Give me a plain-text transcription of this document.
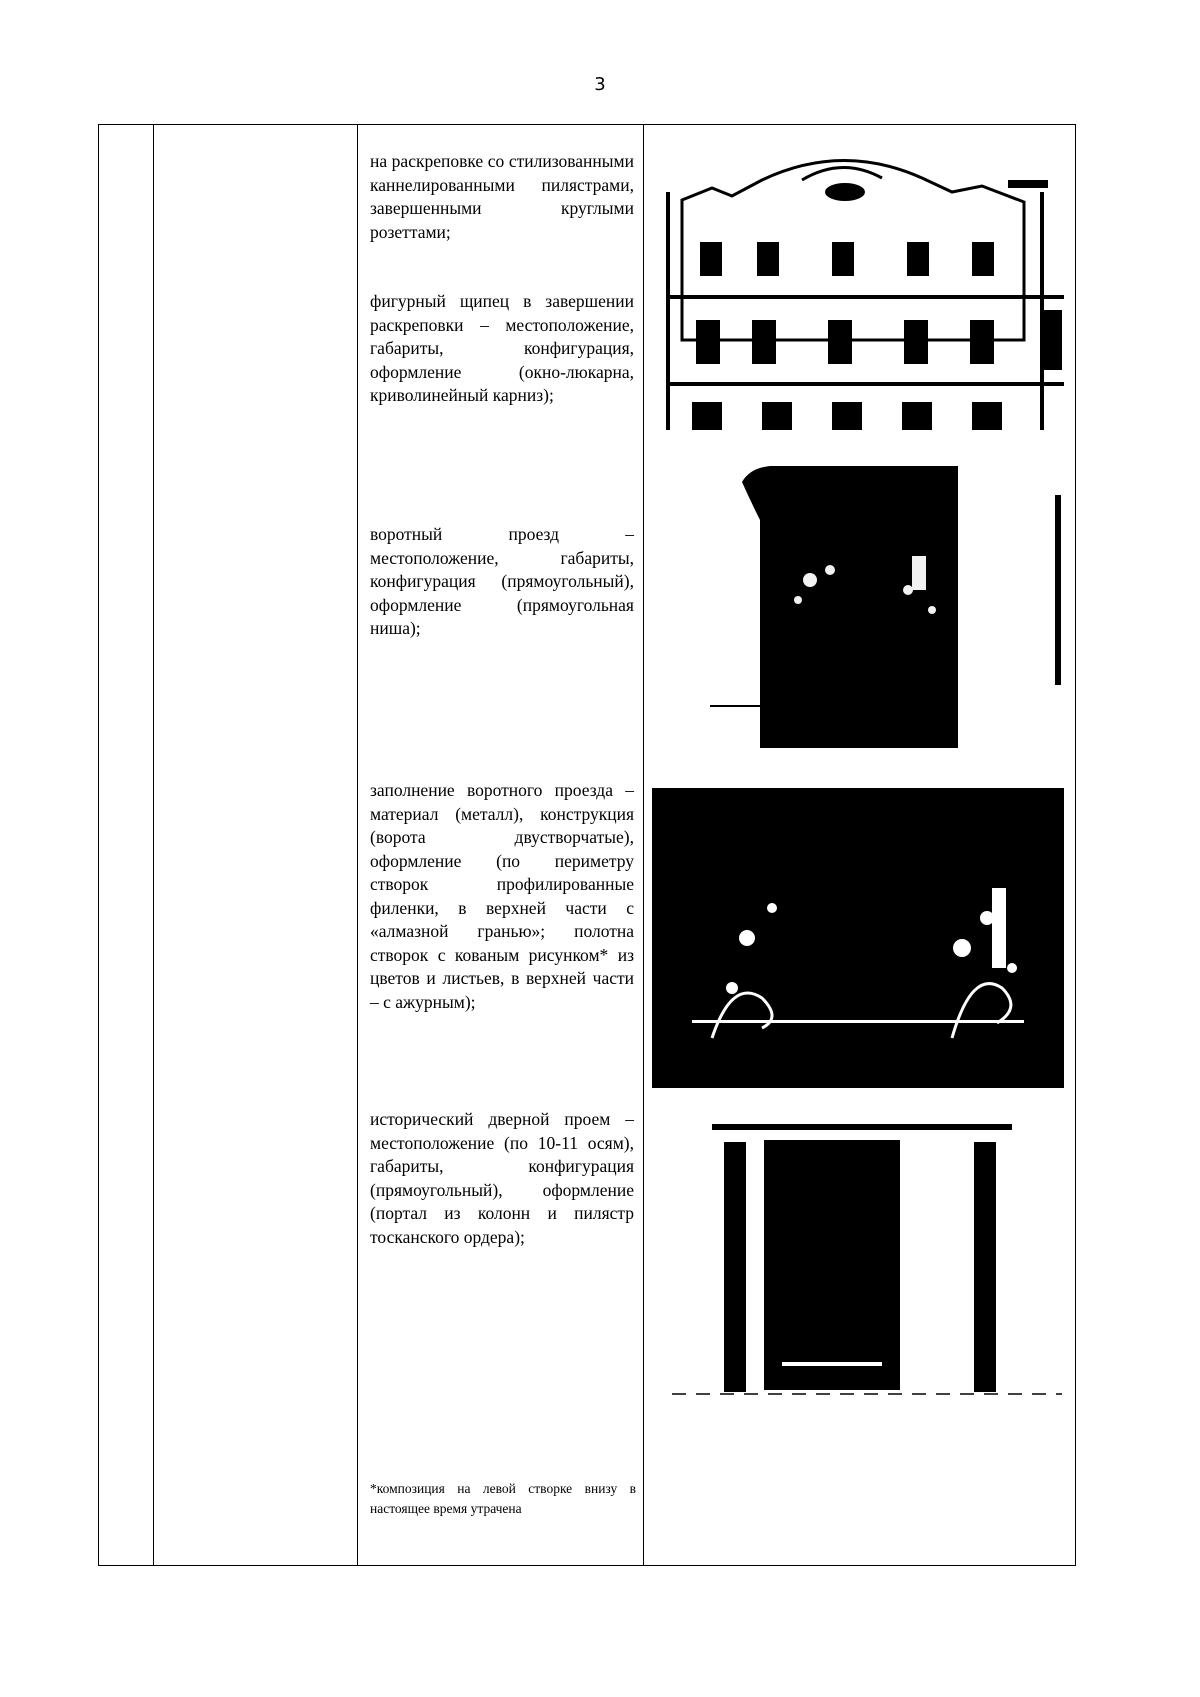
3
на раскреповке со стилизованными каннелированными пилястрами, завершенными круглыми розеттами;
фигурный щипец в завершении раскреповки – местоположение, габариты, конфигурация, оформление (окно-люкарна, криволинейный карниз);
воротный проезд – местоположение, габариты, конфигурация (прямоугольный), оформление (прямоугольная ниша);
заполнение воротного проезда – материал (металл), конструкция (ворота двустворчатые), оформление (по периметру створок профилированные филенки, в верхней части с «алмазной гранью»; полотна створок с кованым рисунком* из цветов и листьев, в верхней части – с ажурным);
исторический дверной проем – местоположение (по 10-11 осям), габариты, конфигурация (прямоугольный), оформление (портал из колонн и пилястр тосканского ордера);
*композиция на левой створке внизу в настоящее время утрачена
